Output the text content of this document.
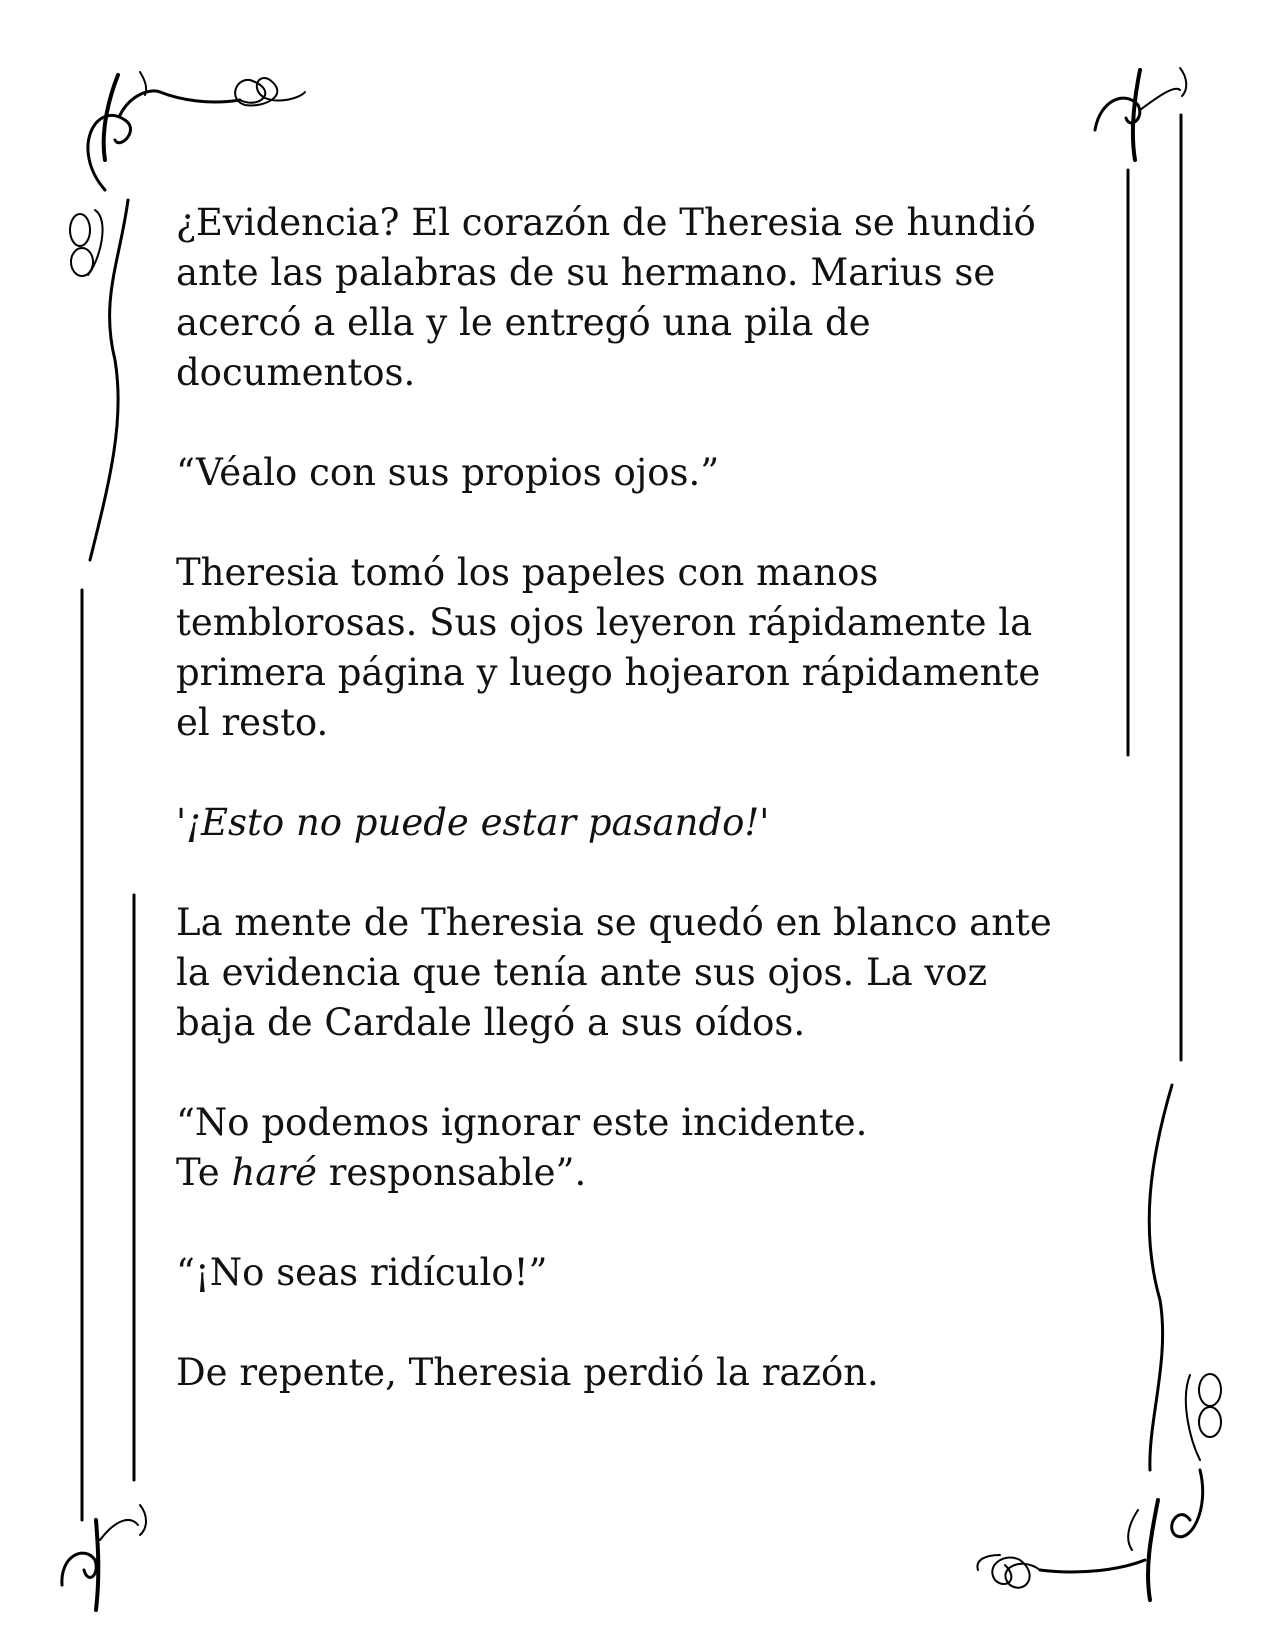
¿Evidencia? El corazón de Theresia se hundió
ante las palabras de su hermano. Marius se
acercó a ella y le entregó una pila de
documentos.

“Véalo con sus propios ojos.”

Theresia tomó los papeles con manos
temblorosas. Sus ojos leyeron rápidamente la
primera página y luego hojearon rápidamente
el resto.

'¡Esto no puede estar pasando!'

La mente de Theresia se quedó en blanco ante
la evidencia que tenía ante sus ojos. La voz
baja de Cardale llegó a sus oídos.

“No podemos ignorar este incidente.
Te haré responsable”.

“¡No seas ridículo!”

De repente, Theresia perdió la razón.
